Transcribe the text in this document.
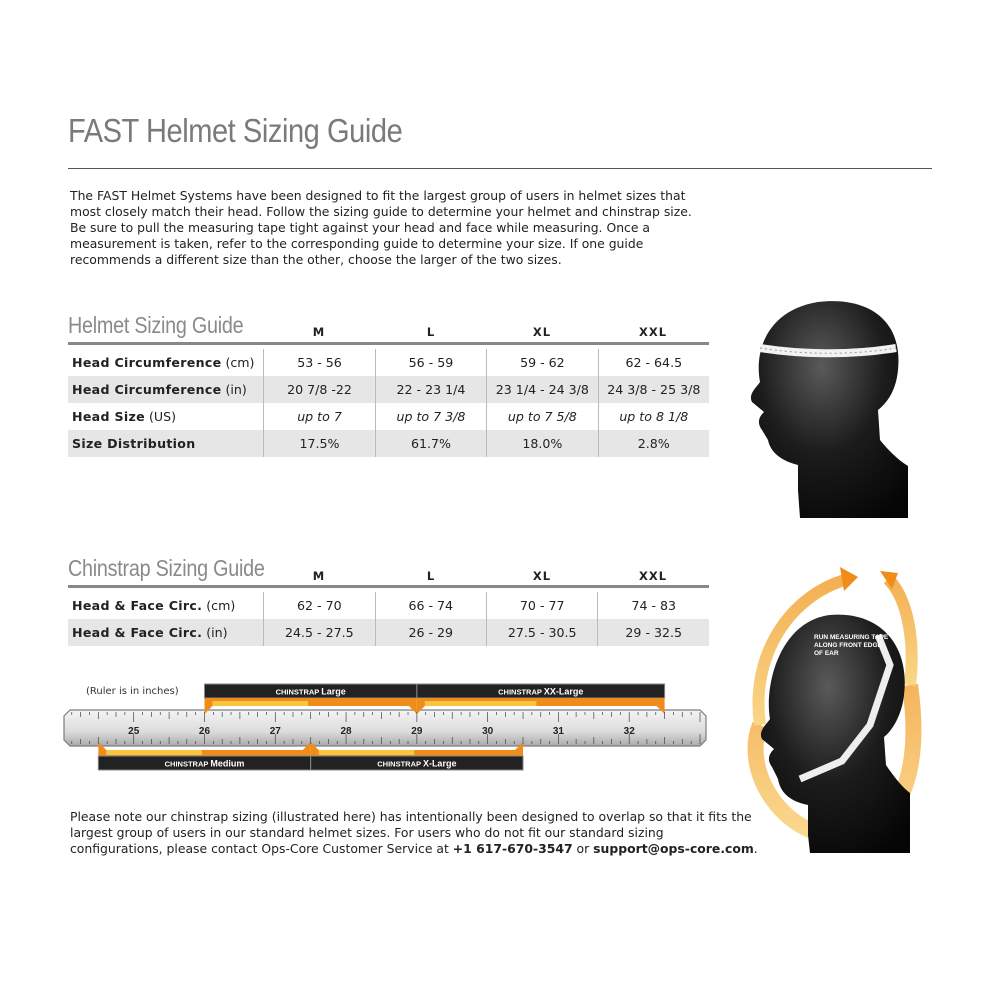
FAST Helmet Sizing Guide
The FAST Helmet Systems have been designed to fit the largest group of users in helmet sizes that most closely match their head. Follow the sizing guide to determine your helmet and chinstrap size. Be sure to pull the measuring tape tight against your head and face while measuring. Once a measurement is taken, refer to the corresponding guide to determine your size. If one guide recommends a different size than the other, choose the larger of the two sizes.
Helmet Sizing Guide	M	L	XL	XXL
Head Circumference (cm)	53 - 56	56 - 59	59 - 62	62 - 64.5
Head Circumference (in)	20 7/8 -22	22 - 23 1/4	23 1/4 - 24 3/8	24 3/8 - 25 3/8
Head Size (US)	up to 7	up to 7 3/8	up to 7 5/8	up to 8 1/8
Size Distribution	17.5%	61.7%	18.0%	2.8%
Chinstrap Sizing Guide	M	L	XL	XXL
Head & Face Circ. (cm)	62 - 70	66 - 74	70 - 77	74 - 83
Head & Face Circ. (in)	24.5 - 27.5	26 - 29	27.5 - 30.5	29 - 32.5
(Ruler is in inches)	CHINSTRAP Large	CHINSTRAP XX-Large
CHINSTRAP Medium	CHINSTRAP X-Large
25	26	27	28	29	30	31	32
RUN MEASURING TAPE ALONG FRONT EDGE OF EAR
Please note our chinstrap sizing (illustrated here) has intentionally been designed to overlap so that it fits the largest group of users in our standard helmet sizes. For users who do not fit our standard sizing configurations, please contact Ops-Core Customer Service at +1 617-670-3547 or support@ops-core.com.
